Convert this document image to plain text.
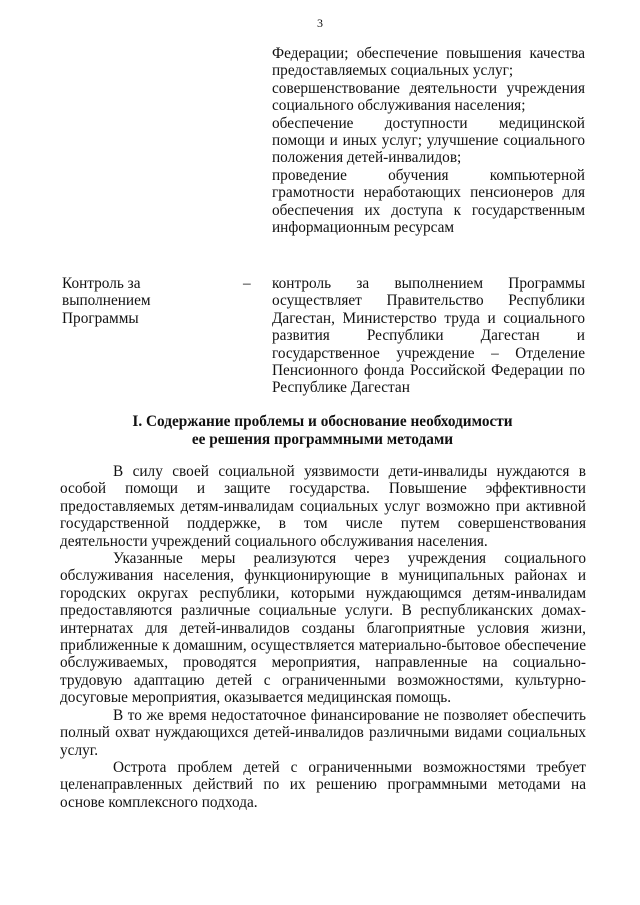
3

Федерации; обеспечение повышения качества предоставляемых социальных услуг;

совершенствование деятельности учреждения социального обслуживания населения;

обеспечение доступности медицинской помощи и иных услуг; улучшение социального положения детей-инвалидов;

проведение обучения компьютерной грамотности неработающих пенсионеров для обеспечения их доступа к государственным информационным ресурсам

Контроль за выполнением Программы
– контроль за выполнением Программы осуществляет Правительство Республики Дагестан, Министерство труда и социального развития Республики Дагестан и государственное учреждение – Отделение Пенсионного фонда Российской Федерации по Республике Дагестан

I. Содержание проблемы и обоснование необходимости
ее решения программными методами

В силу своей социальной уязвимости дети-инвалиды нуждаются в особой помощи и защите государства. Повышение эффективности предоставляемых детям-инвалидам социальных услуг возможно при активной государственной поддержке, в том числе путем совершенствования деятельности учреждений социального обслуживания населения.

Указанные меры реализуются через учреждения социального обслуживания населения, функционирующие в муниципальных районах и городских округах республики, которыми нуждающимся детям-инвалидам предоставляются различные социальные услуги. В республиканских домах-интернатах для детей-инвалидов созданы благоприятные условия жизни, приближенные к домашним, осуществляется материально-бытовое обеспечение обслуживаемых, проводятся мероприятия, направленные на социально-трудовую адаптацию детей с ограниченными возможностями, культурно-досуговые мероприятия, оказывается медицинская помощь.

В то же время недостаточное финансирование не позволяет обеспечить полный охват нуждающихся детей-инвалидов различными видами социальных услуг.

Острота проблем детей с ограниченными возможностями требует целенаправленных действий по их решению программными методами на основе комплексного подхода.
